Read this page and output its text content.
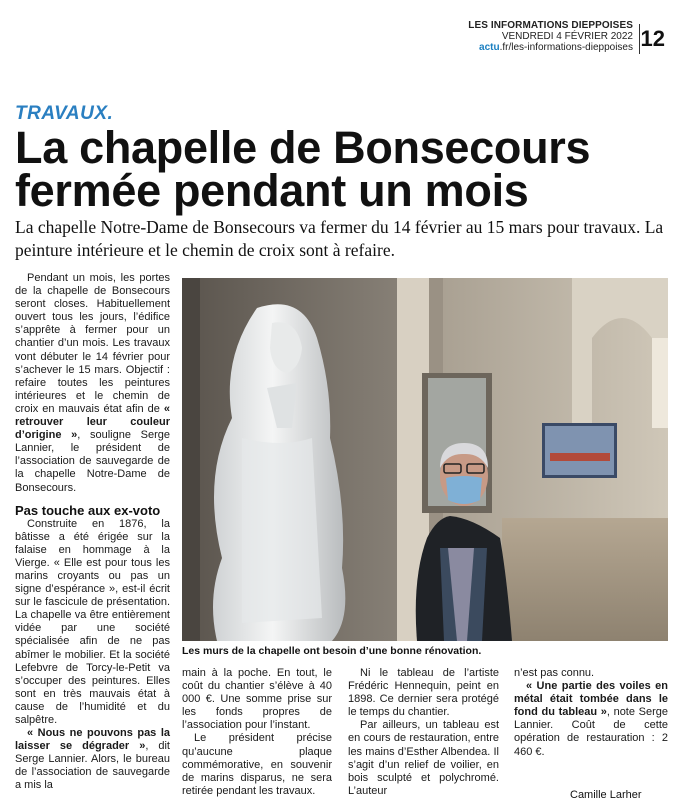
LES INFORMATIONS DIEPPOISES
VENDREDI 4 FÉVRIER 2022
actu.fr/les-informations-dieppoises 12
TRAVAUX.
La chapelle de Bonsecours fermée pendant un mois
La chapelle Notre-Dame de Bonsecours va fermer du 14 février au 15 mars pour travaux. La peinture intérieure et le chemin de croix sont à refaire.

Pendant un mois, les portes de la chapelle de Bonsecours seront closes. Habituellement ouvert tous les jours, l’édifice s’apprête à fermer pour un chantier d’un mois. Les travaux vont débuter le 14 février pour s’achever le 15 mars. Objectif : refaire toutes les peintures intérieures et le chemin de croix en mauvais état afin de « retrouver leur couleur d’origine », souligne Serge Lannier, le président de l’association de sauvegarde de la chapelle Notre-Dame de Bonsecours.

Pas touche aux ex-voto

Construite en 1876, la bâtisse a été érigée sur la falaise en hommage à la Vierge. « Elle est pour tous les marins croyants ou pas un signe d’espérance », est-il écrit sur le fascicule de présentation. La chapelle va être entièrement vidée par une société spécialisée afin de ne pas abîmer le mobilier. Et la société Lefebvre de Torcy-le-Petit va s’occuper des peintures. Elles sont en très mauvais état à cause de l’humidité et du salpêtre.

« Nous ne pouvons pas la laisser se dégrader », dit Serge Lannier. Alors, le bureau de l’association de sauvegarde a mis la

Les murs de la chapelle ont besoin d’une bonne rénovation.

main à la poche. En tout, le coût du chantier s’élève à 40 000 €. Une somme prise sur les fonds propres de l’association pour l’instant.

Le président précise qu’aucune plaque commémorative, en souvenir de marins disparus, ne sera retirée pendant les travaux.

Ni le tableau de l’artiste Frédéric Hennequin, peint en 1898. Ce dernier sera protégé le temps du chantier.

Par ailleurs, un tableau est en cours de restauration, entre les mains d’Esther Albendea. Il s’agit d’un relief de voilier, en bois sculpté et polychromé. L’auteur

n’est pas connu.

« Une partie des voiles en métal était tombée dans le fond du tableau », note Serge Lannier. Coût de cette opération de restauration : 2 460 €.

Camille Larher
